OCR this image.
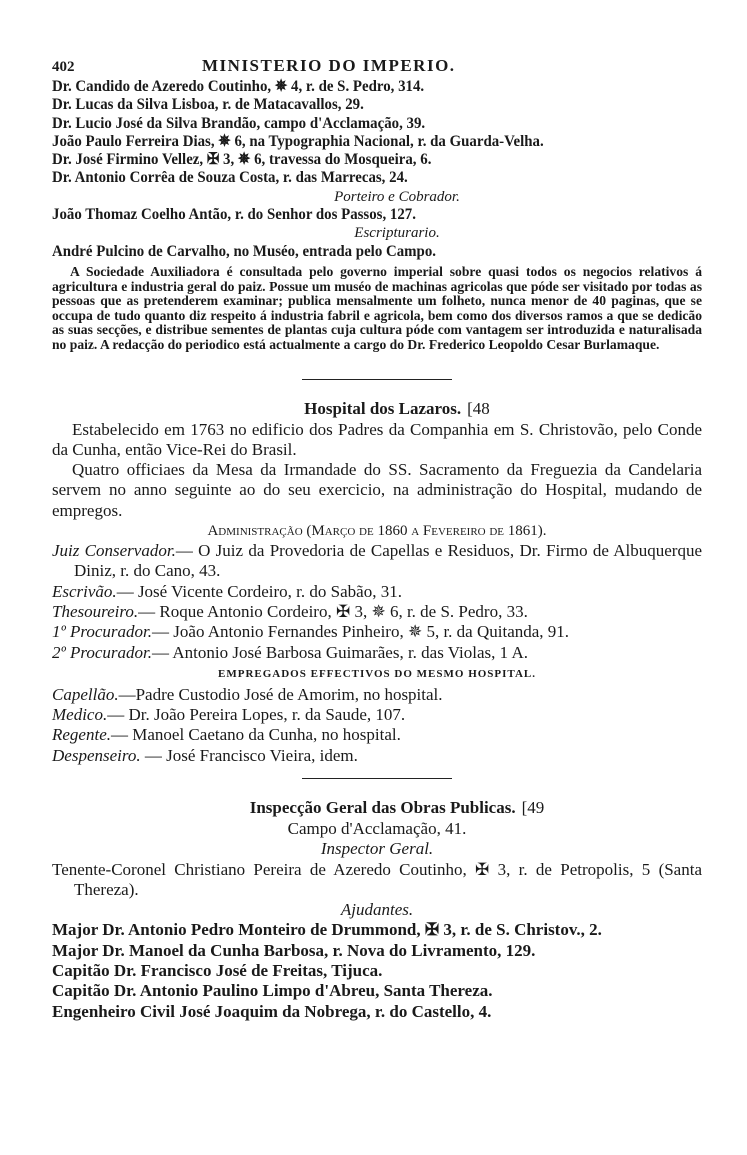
402	MINISTERIO DO IMPERIO.
Dr. Candido de Azeredo Coutinho, ✵ 4, r. de S. Pedro, 314.
Dr. Lucas da Silva Lisboa, r. de Matacavallos, 29.
Dr. Lucio José da Silva Brandão, campo d'Acclamação, 39.
João Paulo Ferreira Dias, ✵ 6, na Typographia Nacional, r. da Guarda-Velha.
Dr. José Firmino Vellez, ✠ 3, ✵ 6, travessa do Mosqueira, 6.
Dr. Antonio Corrêa de Souza Costa, r. das Marrecas, 24.
Porteiro e Cobrador.
João Thomaz Coelho Antão, r. do Senhor dos Passos, 127.
Escripturario.
André Pulcino de Carvalho, no Muséo, entrada pelo Campo.
A Sociedade Auxiliadora é consultada pelo governo imperial sobre quasi todos os negocios relativos á agricultura e industria geral do paiz. Possue um muséo de machinas agricolas que póde ser visitado por todas as pessoas que as pretenderem examinar; publica mensalmente um folheto, nunca menor de 40 paginas, que se occupa de tudo quanto diz respeito á industria fabril e agricola, bem como dos diversos ramos a que se dedicão as suas secções, e distribue sementes de plantas cuja cultura póde com vantagem ser introduzida e naturalisada no paiz. A redacção do periodico está actualmente a cargo do Dr. Frederico Leopoldo Cesar Burlamaque.
Hospital dos Lazaros. [48

Estabelecido em 1763 no edificio dos Padres da Companhia em S. Christovão, pelo Conde da Cunha, então Vice-Rei do Brasil.

Quatro officiaes da Mesa da Irmandade do SS. Sacramento da Freguezia da Candelaria servem no anno seguinte ao do seu exercicio, na administração do Hospital, mudando de empregos.

Administração (Março de 1860 a Fevereiro de 1861).

Juiz Conservador.— O Juiz da Provedoria de Capellas e Residuos, Dr. Firmo de Albuquerque Diniz, r. do Cano, 43.

Escrivão.— José Vicente Cordeiro, r. do Sabão, 31.

Thesoureiro.— Roque Antonio Cordeiro, ✠ 3, ✵ 6, r. de S. Pedro, 33.

1º Procurador.— João Antonio Fernandes Pinheiro, ✵ 5, r. da Quitanda, 91.

2º Procurador.— Antonio José Barbosa Guimarães, r. das Violas, 1 A.

EMPREGADOS EFFECTIVOS DO MESMO HOSPITAL.

Capellão.—Padre Custodio José de Amorim, no hospital.

Medico.— Dr. João Pereira Lopes, r. da Saude, 107.

Regente.— Manoel Caetano da Cunha, no hospital.

Despenseiro. — José Francisco Vieira, idem.

Inspecção Geral das Obras Publicas. [49
Campo d'Acclamação, 41.
Inspector Geral.

Tenente-Coronel Christiano Pereira de Azeredo Coutinho, ✠ 3, r. de Petropolis, 5 (Santa Thereza).

Ajudantes.

Major Dr. Antonio Pedro Monteiro de Drummond, ✠ 3, r. de S. Christov., 2.

Major Dr. Manoel da Cunha Barbosa, r. Nova do Livramento, 129.

Capitão Dr. Francisco José de Freitas, Tijuca.

Capitão Dr. Antonio Paulino Limpo d'Abreu, Santa Thereza.

Engenheiro Civil José Joaquim da Nobrega, r. do Castello, 4.
